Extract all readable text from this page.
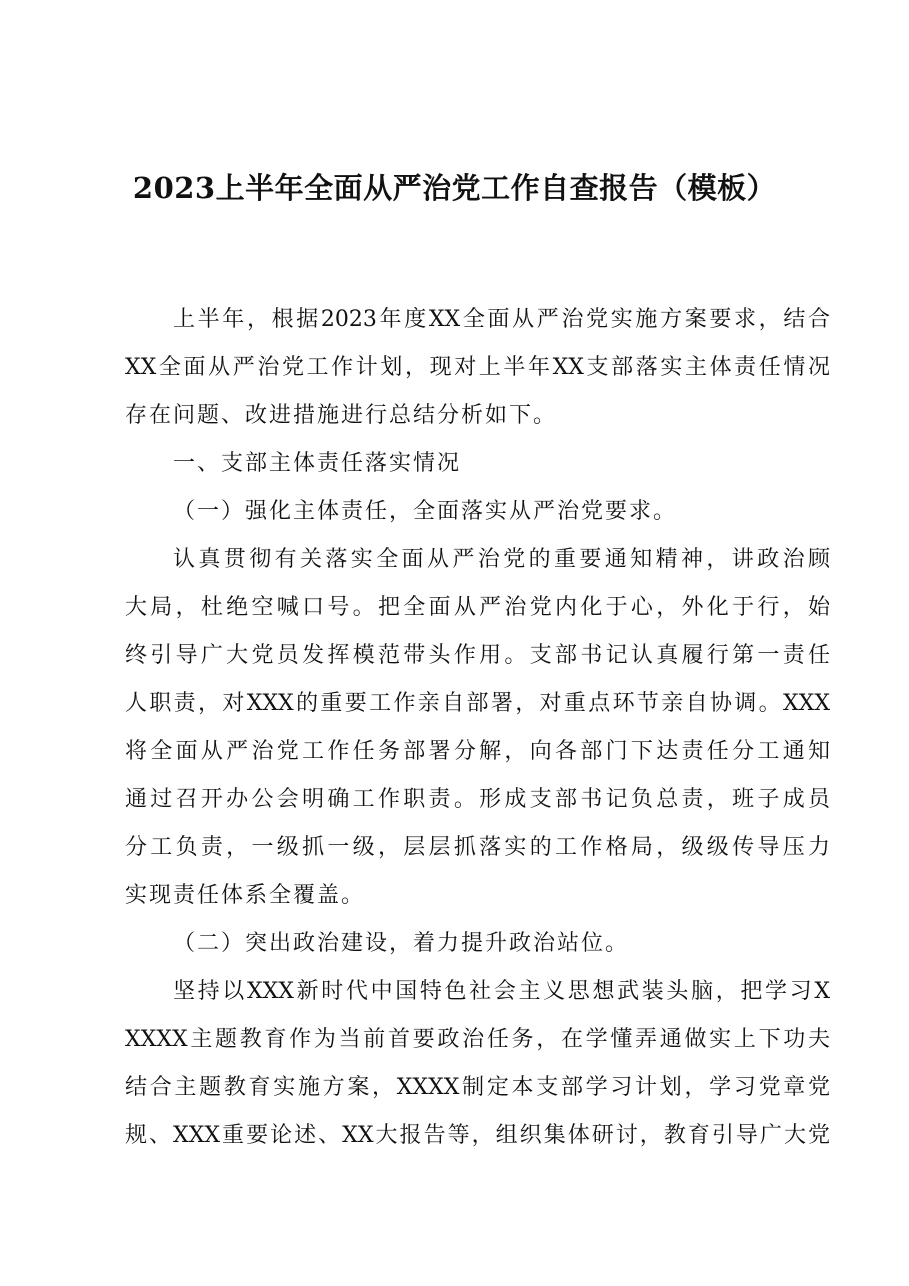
2023上半年全面从严治党工作自查报告（模板）
上半年，根据2023年度XX全面从严治党实施方案要求，结合
XX全面从严治党工作计划，现对上半年XX支部落实主体责任情况
存在问题、改进措施进行总结分析如下。
一、支部主体责任落实情况
（一）强化主体责任，全面落实从严治党要求。
认真贯彻有关落实全面从严治党的重要通知精神，讲政治顾
大局，杜绝空喊口号。把全面从严治党内化于心，外化于行，始
终引导广大党员发挥模范带头作用。支部书记认真履行第一责任
人职责，对XXX的重要工作亲自部署，对重点环节亲自协调。XXX
将全面从严治党工作任务部署分解，向各部门下达责任分工通知
通过召开办公会明确工作职责。形成支部书记负总责，班子成员
分工负责，一级抓一级，层层抓落实的工作格局，级级传导压力
实现责任体系全覆盖。
（二）突出政治建设，着力提升政治站位。
坚持以XXX新时代中国特色社会主义思想武装头脑，把学习X
XXXX主题教育作为当前首要政治任务，在学懂弄通做实上下功夫
结合主题教育实施方案，XXXX制定本支部学习计划，学习党章党
规、XXX重要论述、XX大报告等，组织集体研讨，教育引导广大党
